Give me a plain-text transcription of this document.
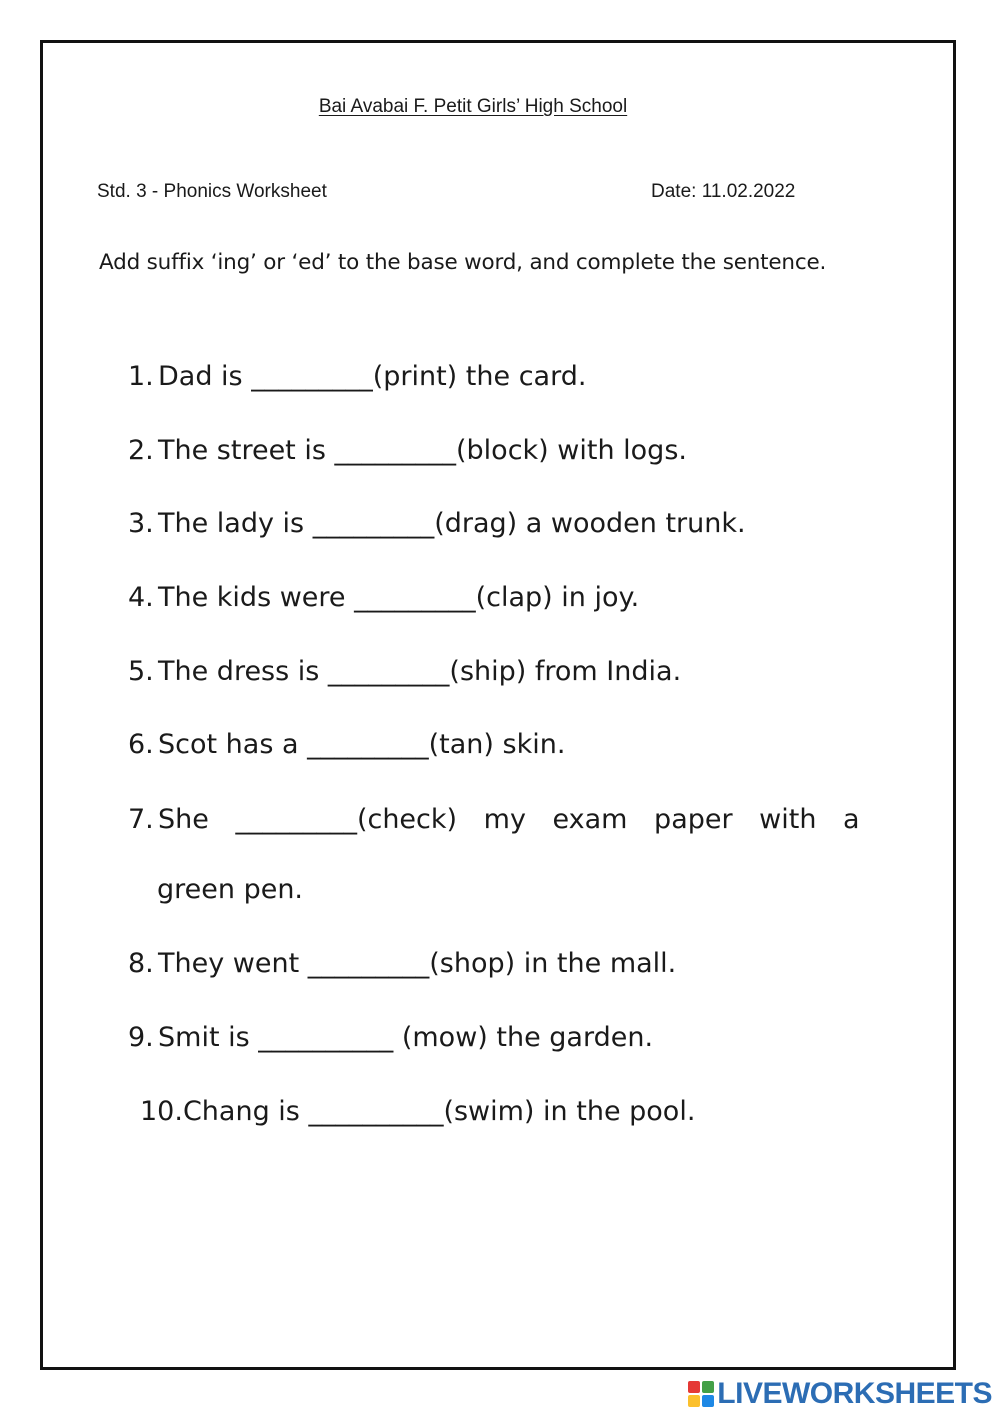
Bai Avabai F. Petit Girls’ High School
Std. 3 - Phonics Worksheet	Date: 11.02.2022
Add suffix ‘ing’ or ‘ed’ to the base word, and complete the sentence.
1. Dad is _________(print) the card.
2. The street is _________(block) with logs.
3. The lady is _________(drag) a wooden trunk.
4. The kids were _________(clap) in joy.
5. The dress is _________(ship) from India.
6. Scot has a _________(tan) skin.
7. She _________(check) my exam paper with a
green pen.
8. They went _________(shop) in the mall.
9. Smit is __________ (mow) the garden.
10.Chang is __________(swim) in the pool.
LIVEWORKSHEETS
